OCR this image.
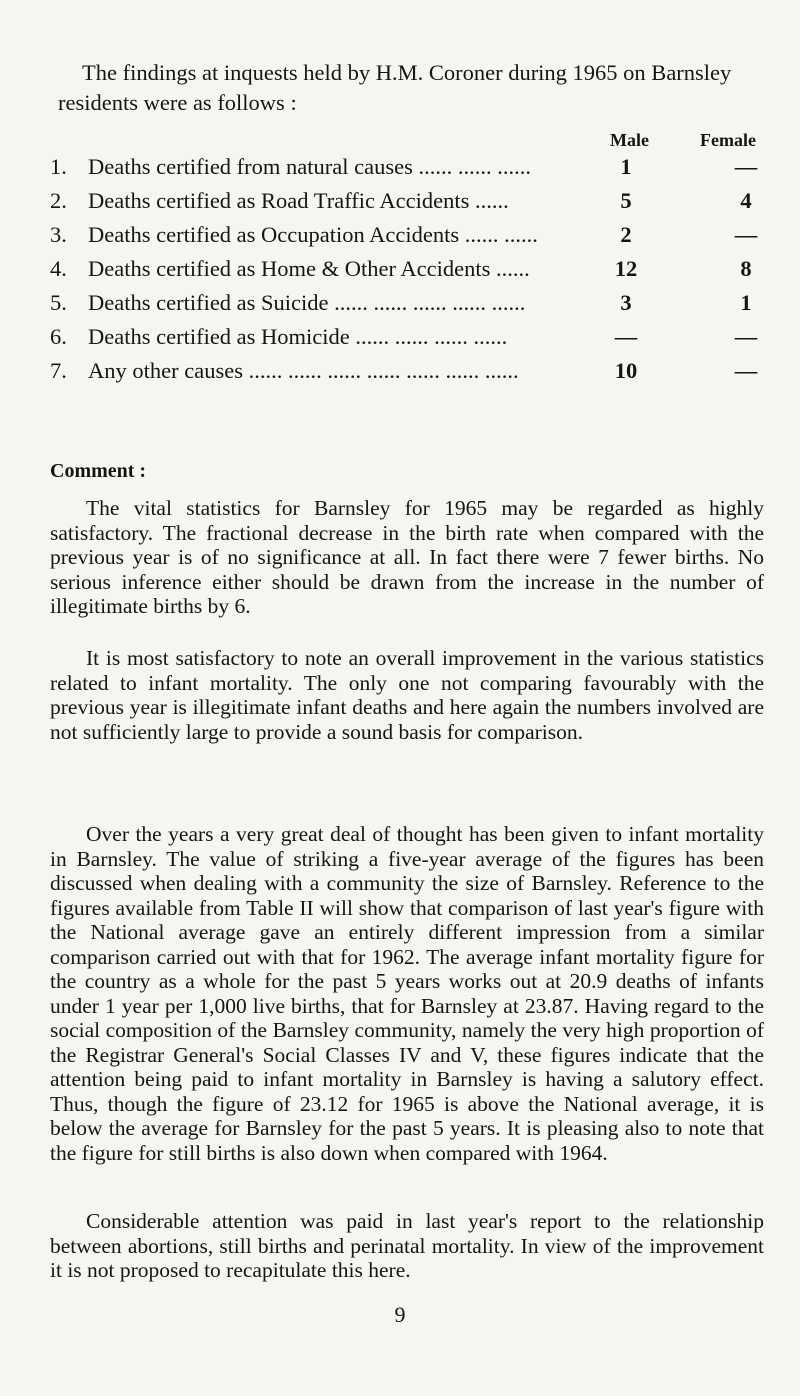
The findings at inquests held by H.M. Coroner during 1965 on Barnsley residents were as follows :

Male	Female
1. Deaths certified from natural causes ...... ...... ......	1	—
2. Deaths certified as Road Traffic Accidents ......	5	4
3. Deaths certified as Occupation Accidents ...... ......	2	—
4. Deaths certified as Home & Other Accidents ......	12	8
5. Deaths certified as Suicide ...... ...... ...... ...... ......	3	1
6. Deaths certified as Homicide ...... ...... ...... ......	—	—
7. Any other causes ...... ...... ...... ...... ...... ...... ......	10	—
Comment :

The vital statistics for Barnsley for 1965 may be regarded as highly satisfactory. The fractional decrease in the birth rate when compared with the previous year is of no significance at all. In fact there were 7 fewer births. No serious inference either should be drawn from the increase in the number of illegitimate births by 6.

It is most satisfactory to note an overall improvement in the various statistics related to infant mortality. The only one not comparing favourably with the previous year is illegitimate infant deaths and here again the numbers involved are not sufficiently large to provide a sound basis for comparison.

Over the years a very great deal of thought has been given to infant mortality in Barnsley. The value of striking a five-year average of the figures has been discussed when dealing with a community the size of Barnsley. Reference to the figures available from Table II will show that comparison of last year's figure with the National average gave an entirely different impression from a similar comparison carried out with that for 1962. The average infant mortality figure for the country as a whole for the past 5 years works out at 20.9 deaths of infants under 1 year per 1,000 live births, that for Barnsley at 23.87. Having regard to the social composition of the Barnsley community, namely the very high proportion of the Registrar General's Social Classes IV and V, these figures indicate that the attention being paid to infant mortality in Barnsley is having a salutory effect. Thus, though the figure of 23.12 for 1965 is above the National average, it is below the average for Barnsley for the past 5 years. It is pleasing also to note that the figure for still births is also down when compared with 1964.

Considerable attention was paid in last year's report to the relationship between abortions, still births and perinatal mortality. In view of the improvement it is not proposed to recapitulate this here.

9
